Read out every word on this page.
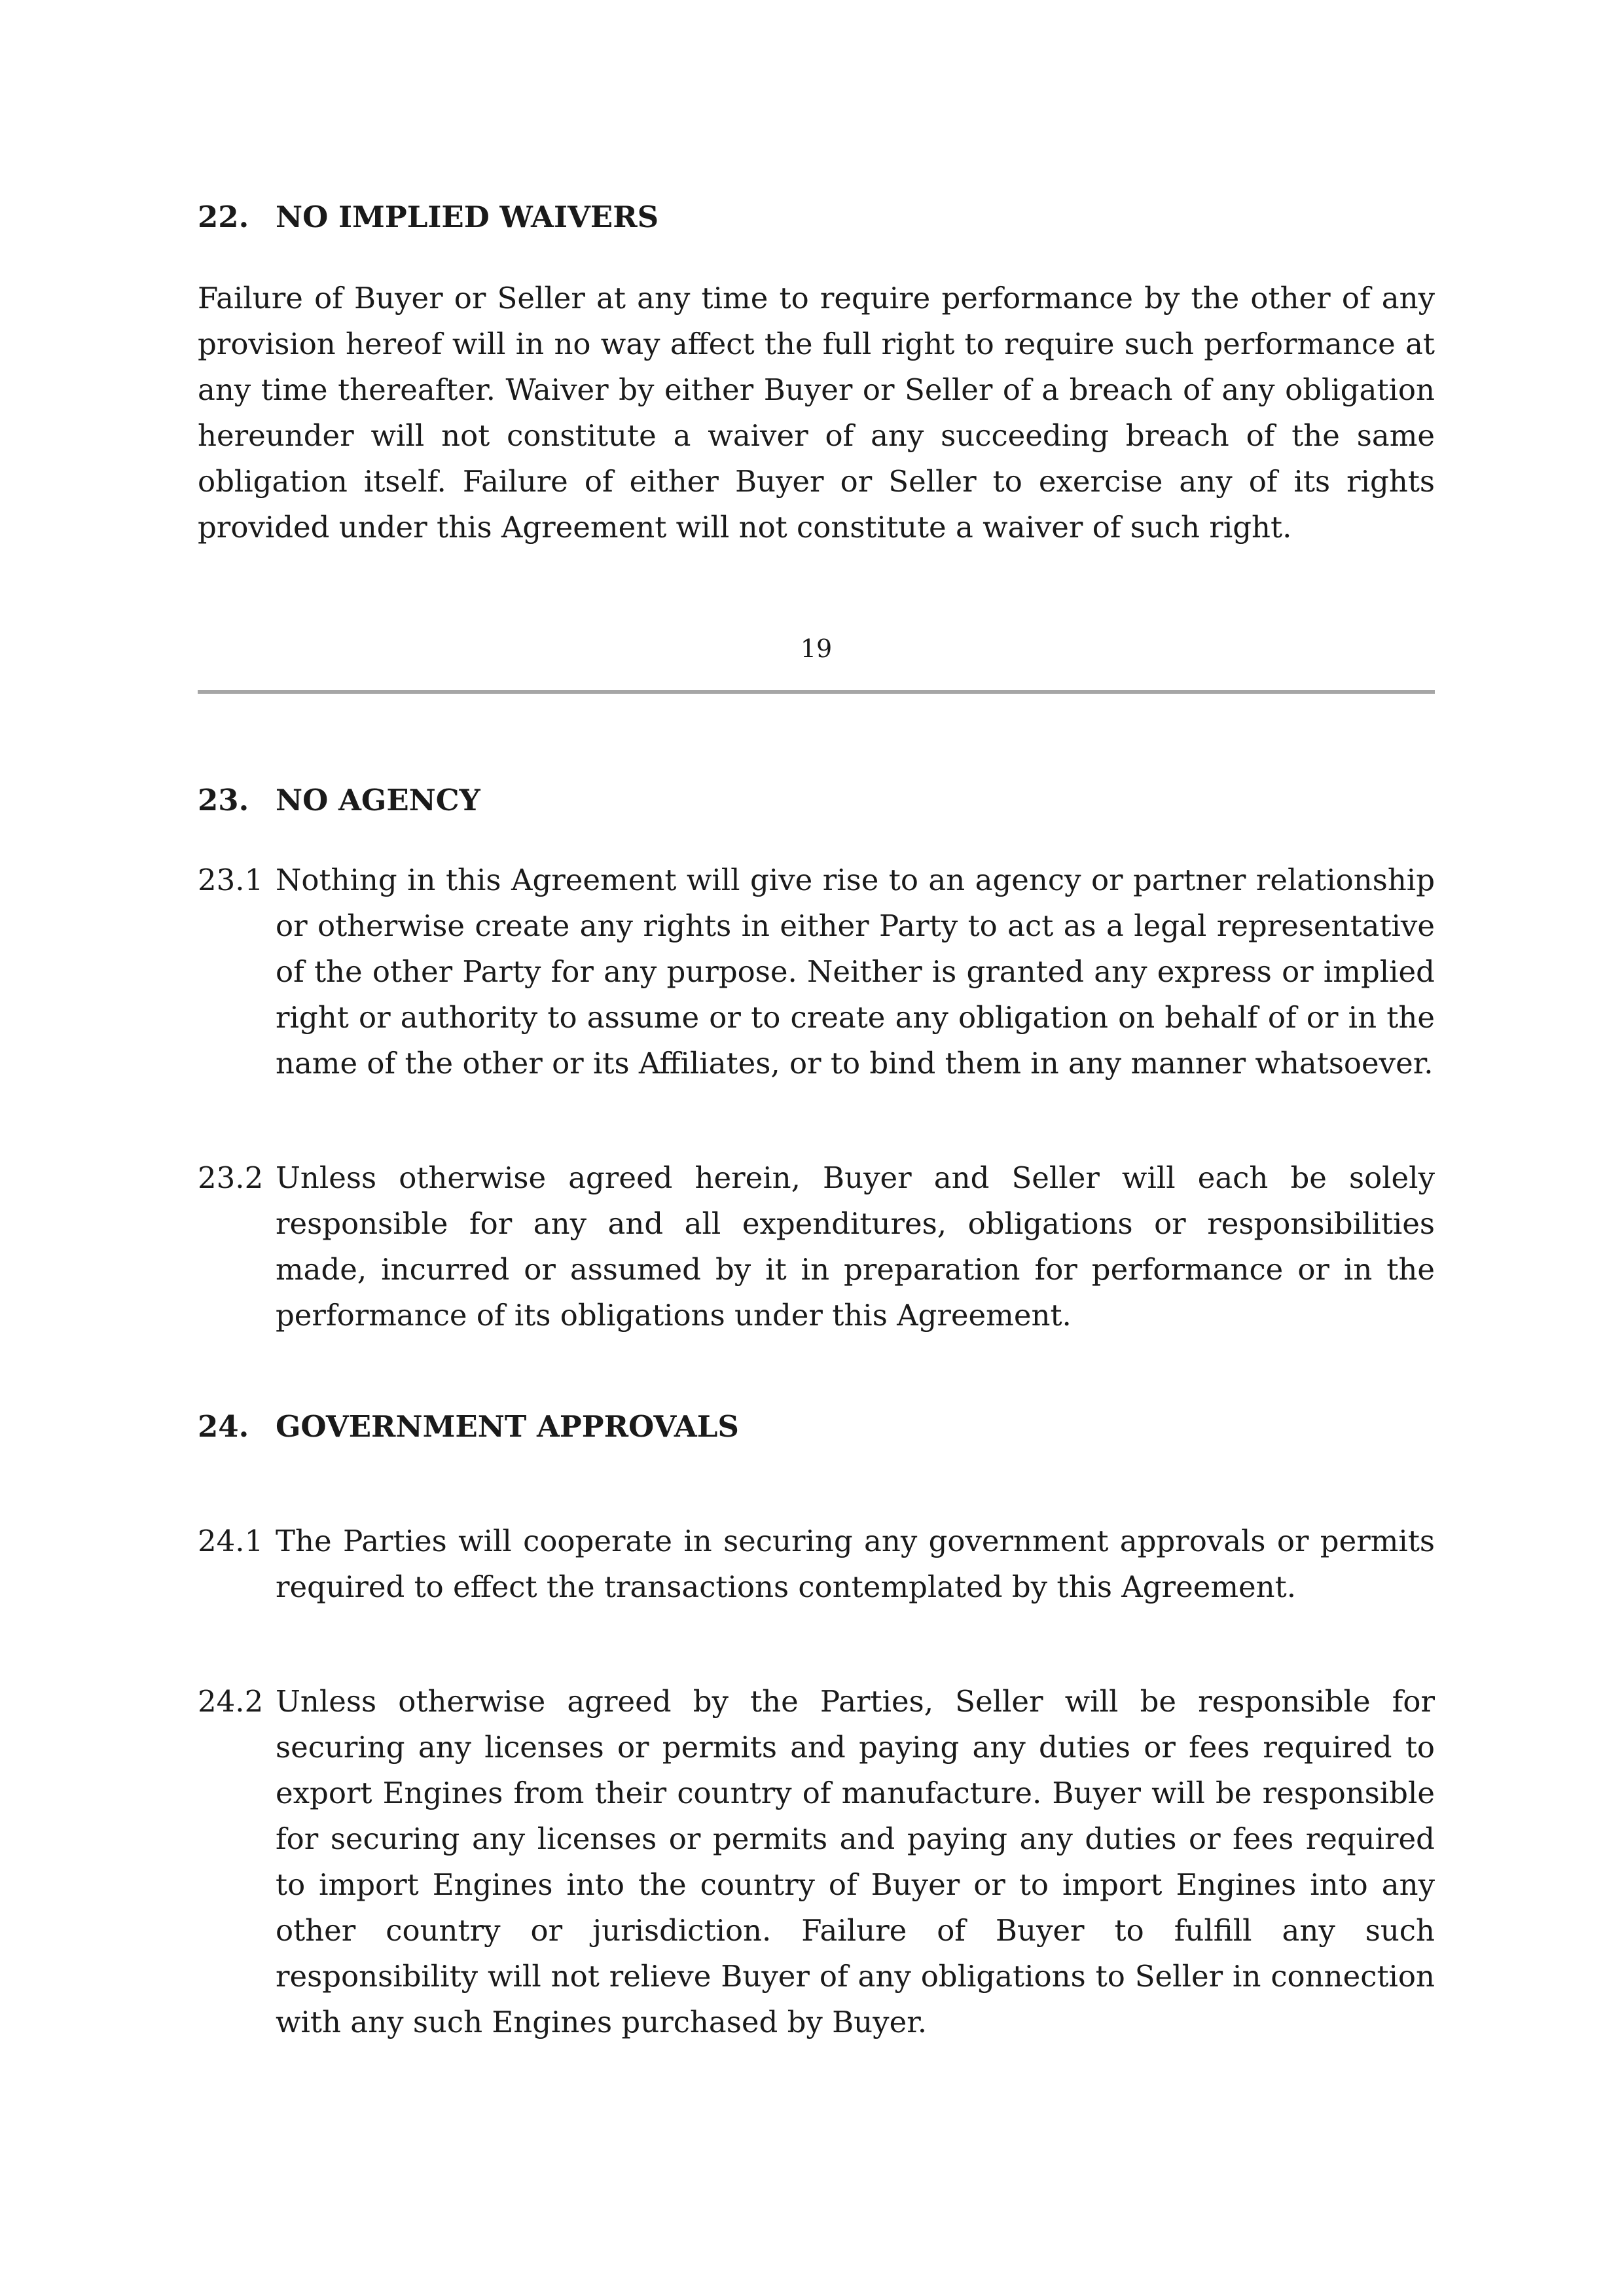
22. NO IMPLIED WAIVERS

Failure of Buyer or Seller at any time to require performance by the other of any provision hereof will in no way affect the full right to require such performance at any time thereafter. Waiver by either Buyer or Seller of a breach of any obligation hereunder will not constitute a waiver of any succeeding breach of the same obligation itself. Failure of either Buyer or Seller to exercise any of its rights provided under this Agreement will not constitute a waiver of such right.

19
23. NO AGENCY
23.1 Nothing in this Agreement will give rise to an agency or partner relationship or otherwise create any rights in either Party to act as a legal representative of the other Party for any purpose. Neither is granted any express or implied right or authority to assume or to create any obligation on behalf of or in the name of the other or its Affiliates, or to bind them in any manner whatsoever.
23.2 Unless otherwise agreed herein, Buyer and Seller will each be solely responsible for any and all expenditures, obligations or responsibilities made, incurred or assumed by it in preparation for performance or in the performance of its obligations under this Agreement.
24. GOVERNMENT APPROVALS
24.1 The Parties will cooperate in securing any government approvals or permits required to effect the transactions contemplated by this Agreement.
24.2 Unless otherwise agreed by the Parties, Seller will be responsible for securing any licenses or permits and paying any duties or fees required to export Engines from their country of manufacture. Buyer will be responsible for securing any licenses or permits and paying any duties or fees required to import Engines into the country of Buyer or to import Engines into any other country or jurisdiction. Failure of Buyer to fulfill any such responsibility will not relieve Buyer of any obligations to Seller in connection with any such Engines purchased by Buyer.
